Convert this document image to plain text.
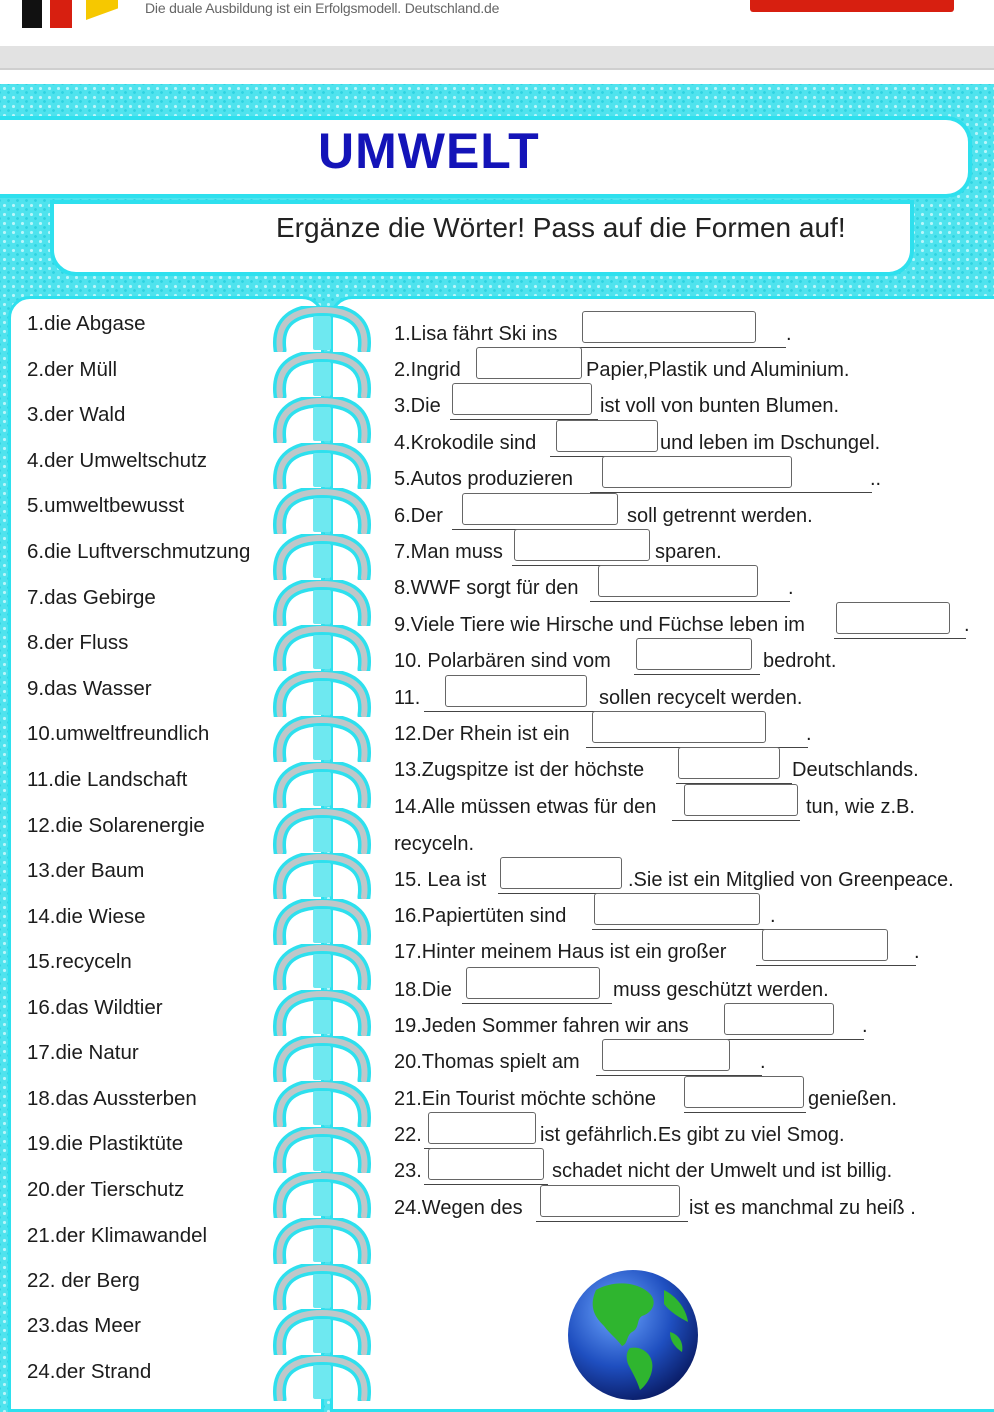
Die duale Ausbildung ist ein Erfolgsmodell. Deutschland.de
UMWELT
Ergänze die Wörter! Pass auf die Formen auf!
1.die Abgase
2.der Müll
3.der Wald
4.der Umweltschutz
5.umweltbewusst
6.die Luftverschmutzung
7.das Gebirge
8.der Fluss
9.das Wasser
10.umweltfreundlich
11.die Landschaft
12.die Solarenergie
13.der Baum
14.die Wiese
15.recyceln
16.das Wildtier
17.die Natur
18.das Aussterben
19.die Plastiktüte
20.der Tierschutz
21.der Klimawandel
22. der Berg
23.das Meer
24.der Strand
1.Lisa fährt Ski ins	.
2.Ingrid	Papier,Plastik und Aluminium.
3.Die	ist voll von bunten Blumen.
4.Krokodile sind	und leben im Dschungel.
5.Autos produzieren	..
6.Der	soll getrennt werden.
7.Man muss	sparen.
8.WWF sorgt für den	.
9.Viele Tiere wie Hirsche und Füchse leben im	.
10. Polarbären sind vom	bedroht.
11.	sollen recycelt werden.
12.Der Rhein ist ein	.
13.Zugspitze ist der höchste	Deutschlands.
14.Alle müssen etwas für den	tun, wie z.B.
recyceln.
15. Lea ist	.Sie ist ein Mitglied von Greenpeace.
16.Papiertüten sind	.
17.Hinter meinem Haus ist ein großer	.
18.Die	muss geschützt werden.
19.Jeden Sommer fahren wir ans	.
20.Thomas spielt am	.
21.Ein Tourist möchte schöne	genießen.
22.	ist gefährlich.Es gibt zu viel Smog.
23.	schadet nicht der Umwelt und ist billig.
24.Wegen des	ist es manchmal zu heiß .
